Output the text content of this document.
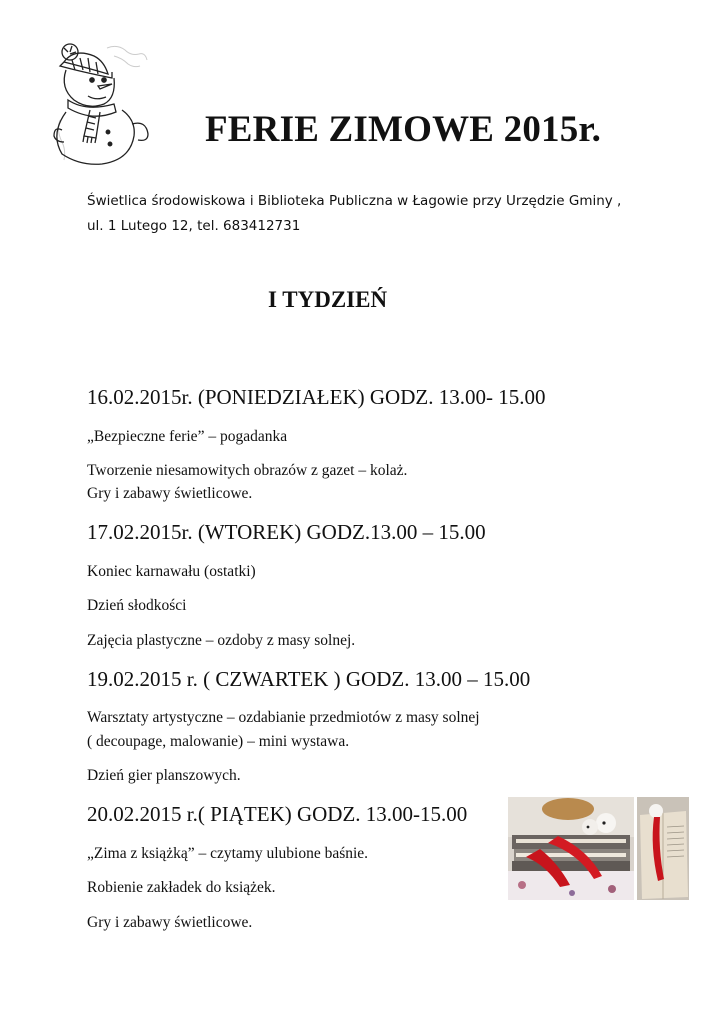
FERIE ZIMOWE 2015r.
Świetlica środowiskowa i Biblioteka Publiczna w Łagowie przy Urzędzie Gminy ,
ul. 1 Lutego 12, tel. 683412731
I TYDZIEŃ
16.02.2015r. (PONIEDZIAŁEK) GODZ. 13.00- 15.00
„Bezpieczne ferie” – pogadanka
Tworzenie niesamowitych obrazów z gazet – kolaż.
Gry i zabawy świetlicowe.
17.02.2015r. (WTOREK) GODZ.13.00 – 15.00
Koniec karnawału (ostatki)
Dzień słodkości
Zajęcia plastyczne – ozdoby z masy solnej.
19.02.2015 r. ( CZWARTEK ) GODZ. 13.00 – 15.00
Warsztaty artystyczne – ozdabianie przedmiotów z masy solnej
( decoupage, malowanie) – mini wystawa.
Dzień gier planszowych.
20.02.2015 r.( PIĄTEK) GODZ. 13.00-15.00
„Zima z książką” – czytamy ulubione baśnie.
Robienie zakładek do książek.
Gry i zabawy świetlicowe.
